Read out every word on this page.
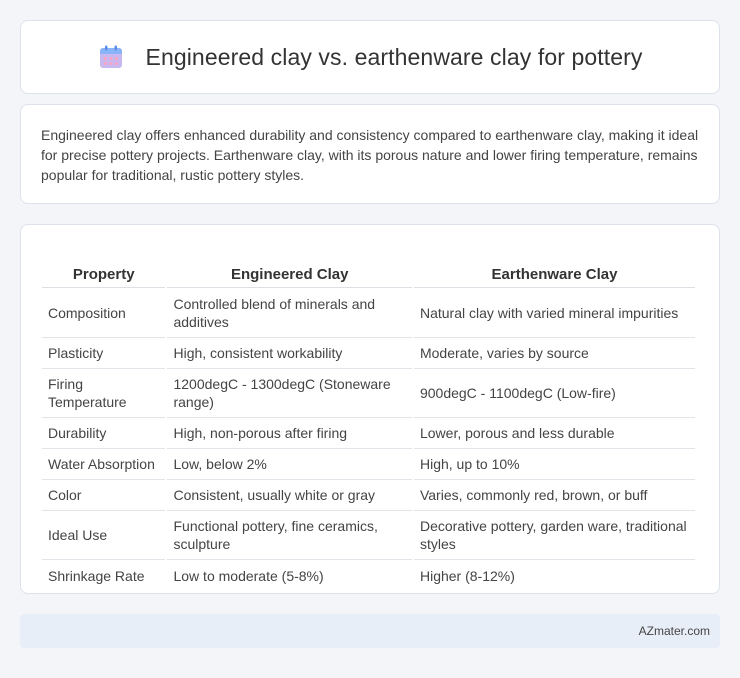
Engineered clay vs. earthenware clay for pottery

Engineered clay offers enhanced durability and consistency compared to earthenware clay, making it ideal for precise pottery projects. Earthenware clay, with its porous nature and lower firing temperature, remains popular for traditional, rustic pottery styles.

Property	Engineered Clay	Earthenware Clay
Composition	Controlled blend of minerals and additives	Natural clay with varied mineral impurities
Plasticity	High, consistent workability	Moderate, varies by source
Firing Temperature	1200degC - 1300degC (Stoneware range)	900degC - 1100degC (Low-fire)
Durability	High, non-porous after firing	Lower, porous and less durable
Water Absorption	Low, below 2%	High, up to 10%
Color	Consistent, usually white or gray	Varies, commonly red, brown, or buff
Ideal Use	Functional pottery, fine ceramics, sculpture	Decorative pottery, garden ware, traditional styles
Shrinkage Rate	Low to moderate (5-8%)	Higher (8-12%)
AZmater.com
